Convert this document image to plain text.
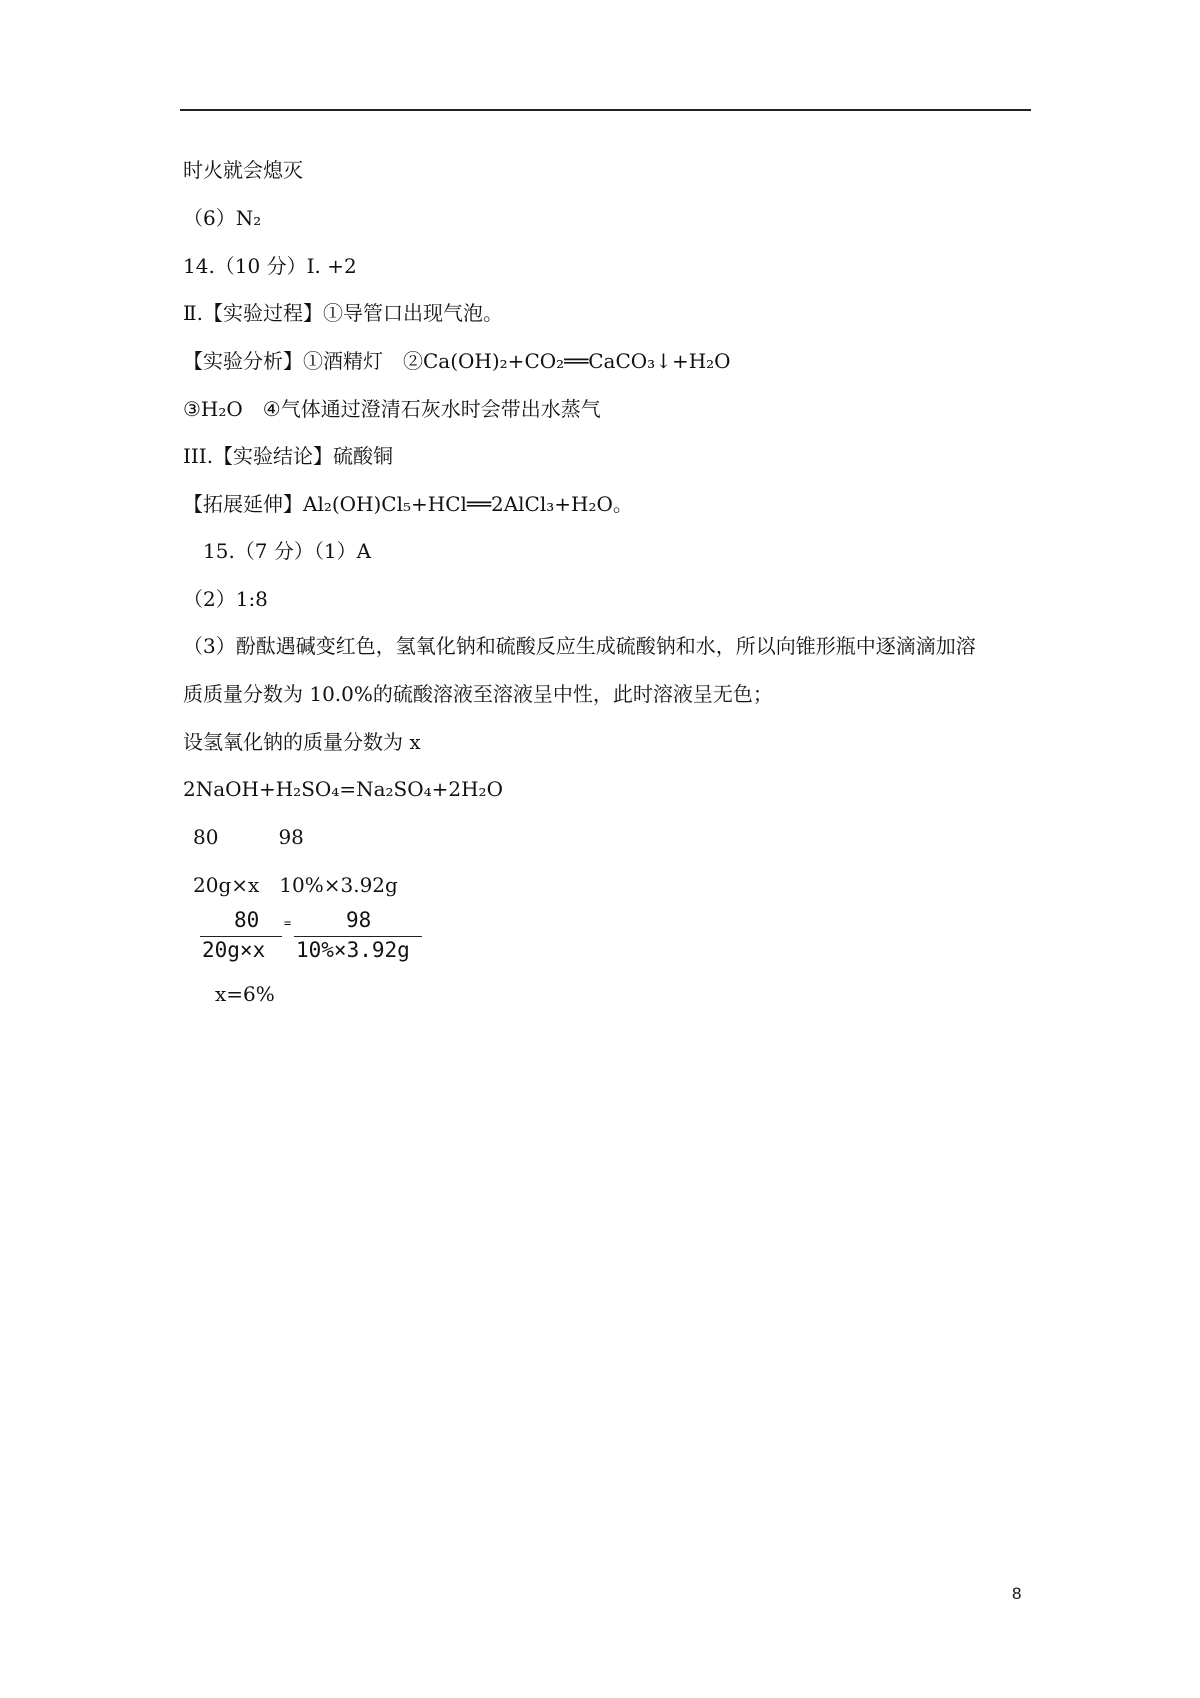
时火就会熄灭
（6）N₂
14.（10 分）I. +2
Ⅱ.【实验过程】①导管口出现气泡。
【实验分析】①酒精灯　②Ca(OH)₂+CO₂══CaCO₃↓+H₂O
③H₂O　④气体通过澄清石灰水时会带出水蒸气
III.【实验结论】硫酸铜
【拓展延伸】Al₂(OH)Cl₅+HCl══2AlCl₃+H₂O。
15.（7 分）（1）A
（2）1:8
（3）酚酞遇碱变红色，氢氧化钠和硫酸反应生成硫酸钠和水，所以向锥形瓶中逐滴滴加溶
质质量分数为 10.0%的硫酸溶液至溶液呈中性，此时溶液呈无色；
设氢氧化钠的质量分数为 x
2NaOH+H₂SO₄=Na₂SO₄+2H₂O
80　　　98
20g×x　10%×3.92g
80
20g×x
=	98
10%×3.92g
x=6%
8
